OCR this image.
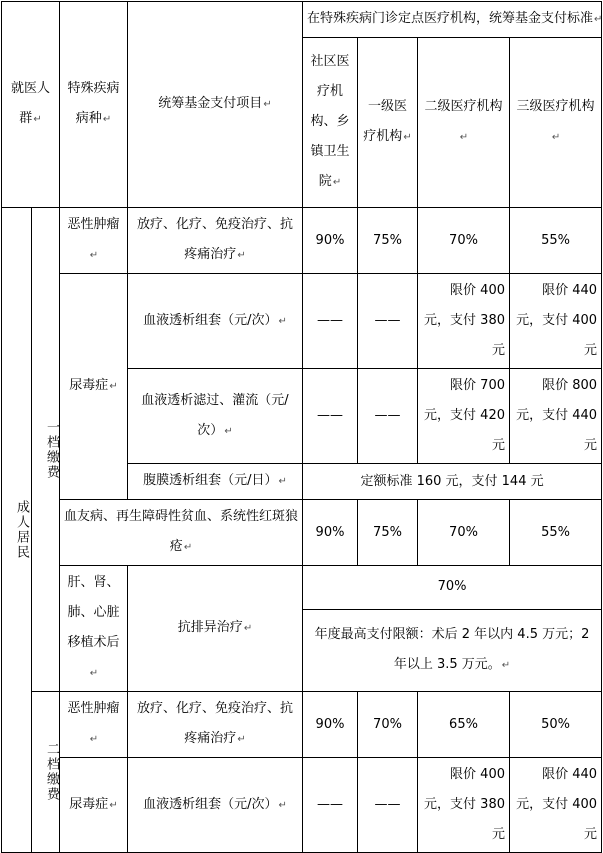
就医人群↵		特殊疾病病种↵	统筹基金支付项目↵	在特殊疾病门诊定点医疗机构，统筹基金支付标准↵			
				社区医疗机构、乡镇卫生院↵	一级医疗机构↵	二级医疗机构↵	三级医疗机构↵

成人居民	一档缴费	恶性肿瘤↵	放疗、化疗、免疫治疗、抗疼痛治疗↵	90%	75%	70%	55%
		尿毒症↵	血液透析组套（元/次）↵	——	——	限价 400 元，支付 380 元	限价 440 元，支付 400 元
			血液透析滤过、灌流（元/次）↵	——	——	限价 700 元，支付 420 元	限价 800 元，支付 440 元
			腹膜透析组套（元/日）↵	定额标准 160 元，支付 144 元			
		血友病、再生障碍性贫血、系统性红斑狼疮↵		90%	75%	70%	55%
		肝、肾、肺、心脏移植术后↵	抗排异治疗↵	70%			
				年度最高支付限额：术后 2 年以内 4.5 万元；2 年以上 3.5 万元。↵			

	二档缴费	恶性肿瘤↵	放疗、化疗、免疫治疗、抗疼痛治疗↵	90%	70%	65%	50%
		尿毒症↵	血液透析组套（元/次）↵	——	——	限价 400 元，支付 380 元	限价 440 元，支付 400 元
